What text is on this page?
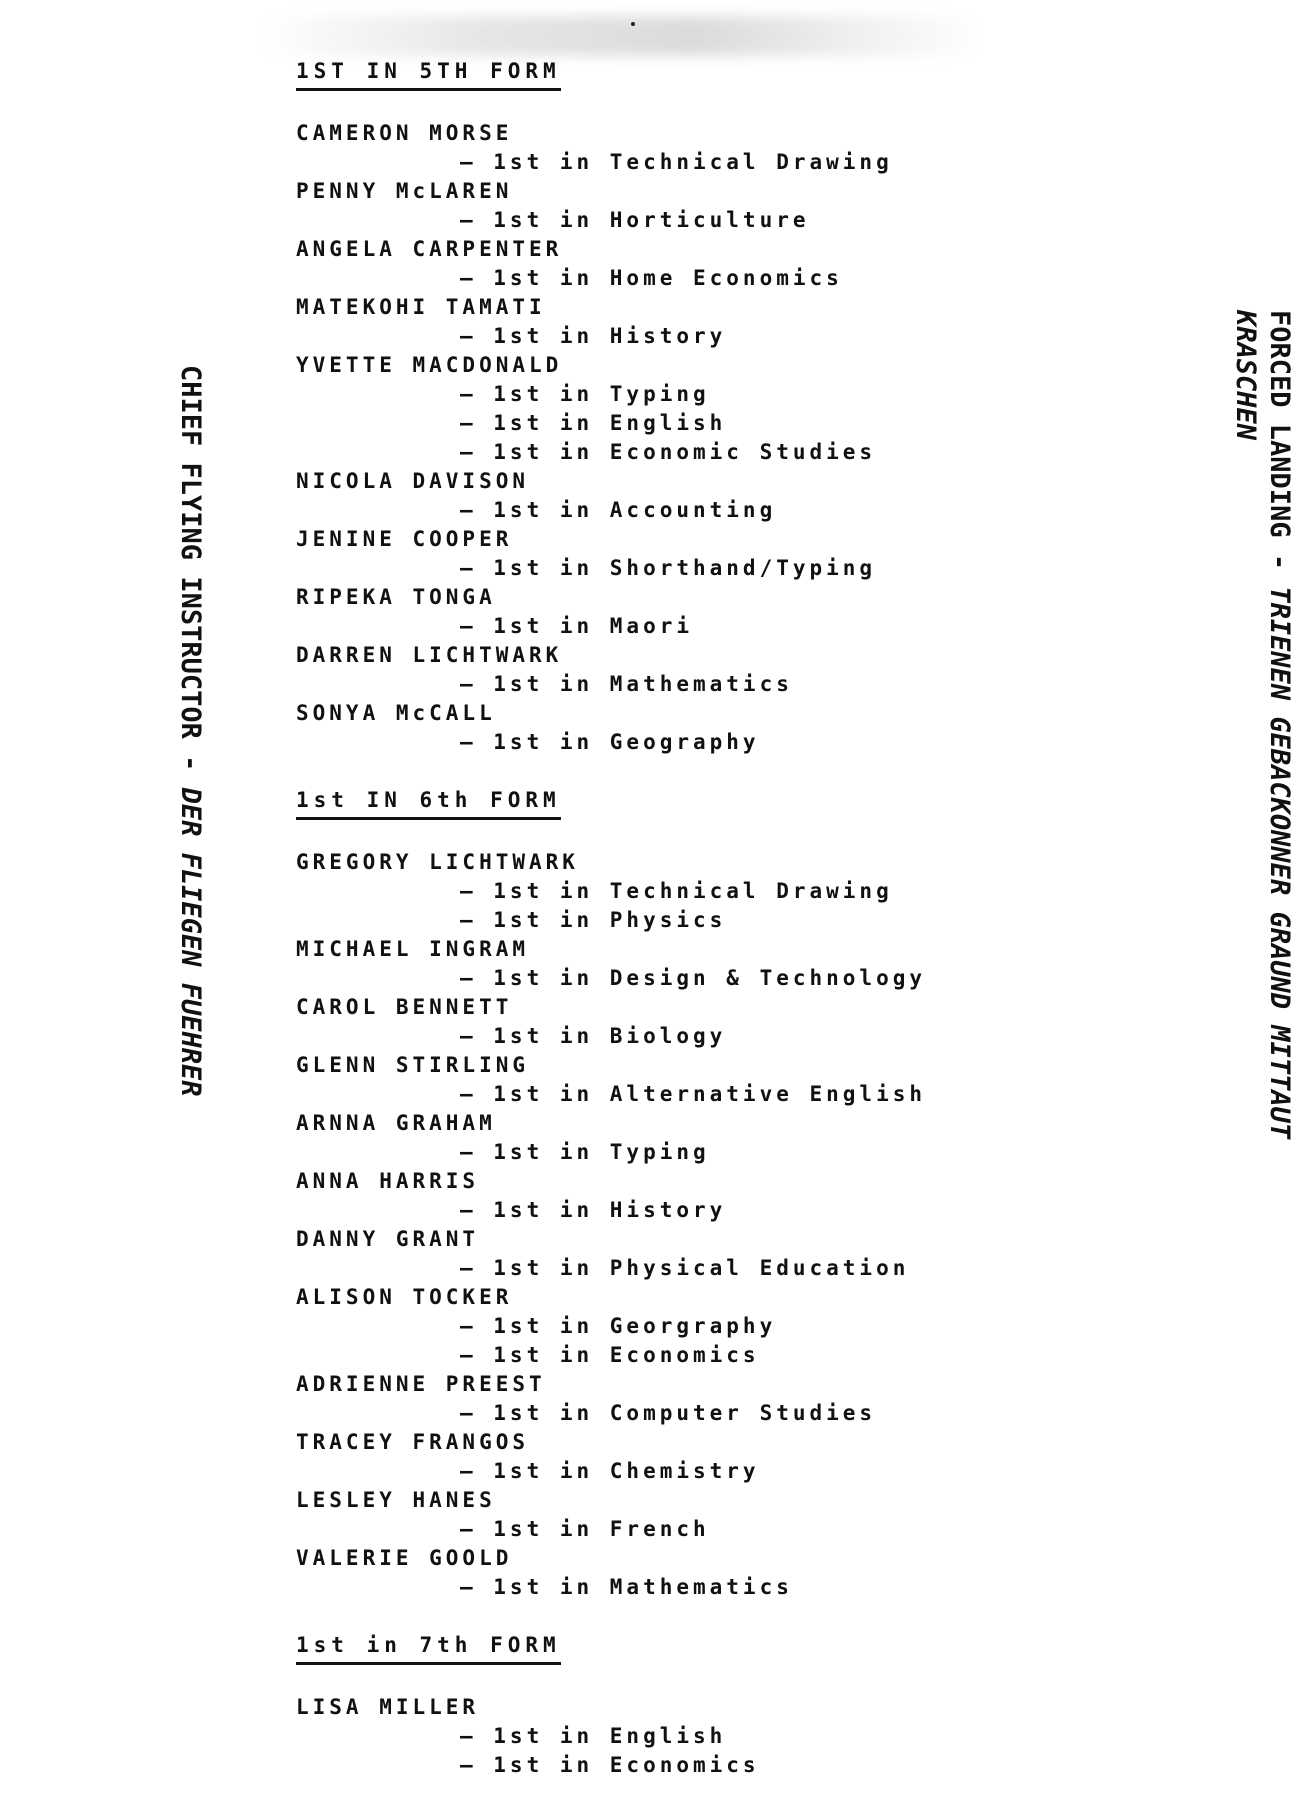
1ST IN 5TH FORM
CAMERON MORSE
— 1st in Technical Drawing
PENNY McLAREN
— 1st in Horticulture
ANGELA CARPENTER
— 1st in Home Economics
MATEKOHI TAMATI
— 1st in History
YVETTE MACDONALD
— 1st in Typing
— 1st in English
— 1st in Economic Studies
NICOLA DAVISON
— 1st in Accounting
JENINE COOPER
— 1st in Shorthand/Typing
RIPEKA TONGA
— 1st in Maori
DARREN LICHTWARK
— 1st in Mathematics
SONYA McCALL
— 1st in Geography
1st IN 6th FORM
GREGORY LICHTWARK
— 1st in Technical Drawing
— 1st in Physics
MICHAEL INGRAM
— 1st in Design & Technology
CAROL BENNETT
— 1st in Biology
GLENN STIRLING
— 1st in Alternative English
ARNNA GRAHAM
— 1st in Typing
ANNA HARRIS
— 1st in History
DANNY GRANT
— 1st in Physical Education
ALISON TOCKER
— 1st in Georgraphy
— 1st in Economics
ADRIENNE PREEST
— 1st in Computer Studies
TRACEY FRANGOS
— 1st in Chemistry
LESLEY HANES
— 1st in French
VALERIE GOOLD
— 1st in Mathematics
1st in 7th FORM
LISA MILLER
— 1st in English
— 1st in Economics
CHIEF FLYING INSTRUCTOR - DER FLIEGEN FUEHRER
FORCED LANDING - TRIENEN GEBACKONNER GRAUND MITTAUT
KRASCHEN
